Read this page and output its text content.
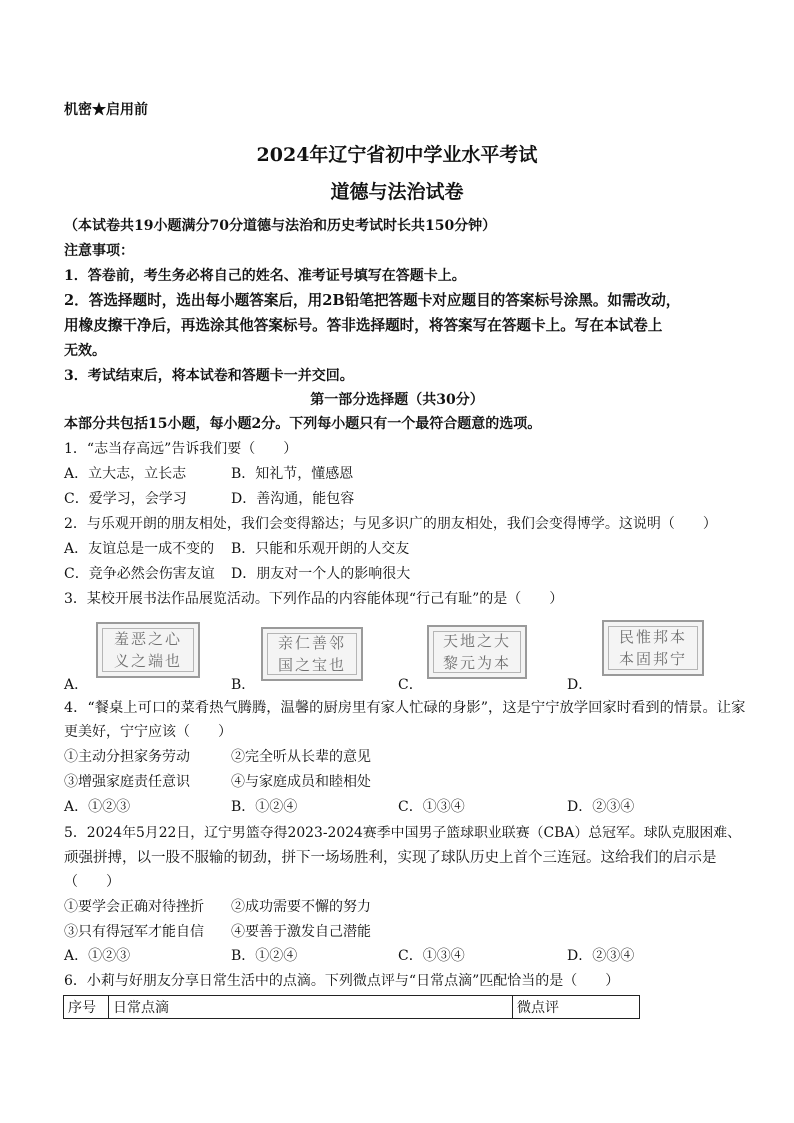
机密★启用前
2024年辽宁省初中学业水平考试
道德与法治试卷
（本试卷共19小题满分70分道德与法治和历史考试时长共150分钟）
注意事项：
1．答卷前，考生务必将自己的姓名、准考证号填写在答题卡上。
2．答选择题时，选出每小题答案后，用2B铅笔把答题卡对应题目的答案标号涂黑。如需改动，
用橡皮擦干净后，再选涂其他答案标号。答非选择题时，将答案写在答题卡上。写在本试卷上
无效。
3．考试结束后，将本试卷和答题卡一并交回。
第一部分选择题（共30分）
本部分共包括15小题，每小题2分。下列每小题只有一个最符合题意的选项。
1．“志当存高远”告诉我们要（　　）
A．立大志，立长志	B．知礼节，懂感恩
C．爱学习，会学习	D．善沟通，能包容
2．与乐观开朗的朋友相处，我们会变得豁达；与见多识广的朋友相处，我们会变得博学。这说明（　　）
A．友谊总是一成不变的 B．只能和乐观开朗的人交友
C．竞争必然会伤害友谊 D．朋友对一个人的影响很大
3．某校开展书法作品展览活动。下列作品的内容能体现“行己有耻”的是（　　）
羞恶之心
义之端也
亲仁善邻
国之宝也
天地之大
黎元为本
民惟邦本
本固邦宁
A．	B．	C．	D．
4．“餐桌上可口的菜肴热气腾腾，温馨的厨房里有家人忙碌的身影”，这是宁宁放学回家时看到的情景。让家
更美好，宁宁应该（　　）
①主动分担家务劳动	②完全听从长辈的意见
③增强家庭责任意识	④与家庭成员和睦相处
A．①②③	B．①②④	C．①③④	D．②③④
5．2024年5月22日，辽宁男篮夺得2023-2024赛季中国男子篮球职业联赛（CBA）总冠军。球队克服困难、
顽强拼搏，以一股不服输的韧劲，拼下一场场胜利，实现了球队历史上首个三连冠。这给我们的启示是
（　　）
①要学会正确对待挫折 ②成功需要不懈的努力
③只有得冠军才能自信 ④要善于激发自己潜能
A．①②③	B．①②④	C．①③④	D．②③④
6．小莉与好朋友分享日常生活中的点滴。下列微点评与“日常点滴”匹配恰当的是（　　）
序号	日常点滴	微点评
